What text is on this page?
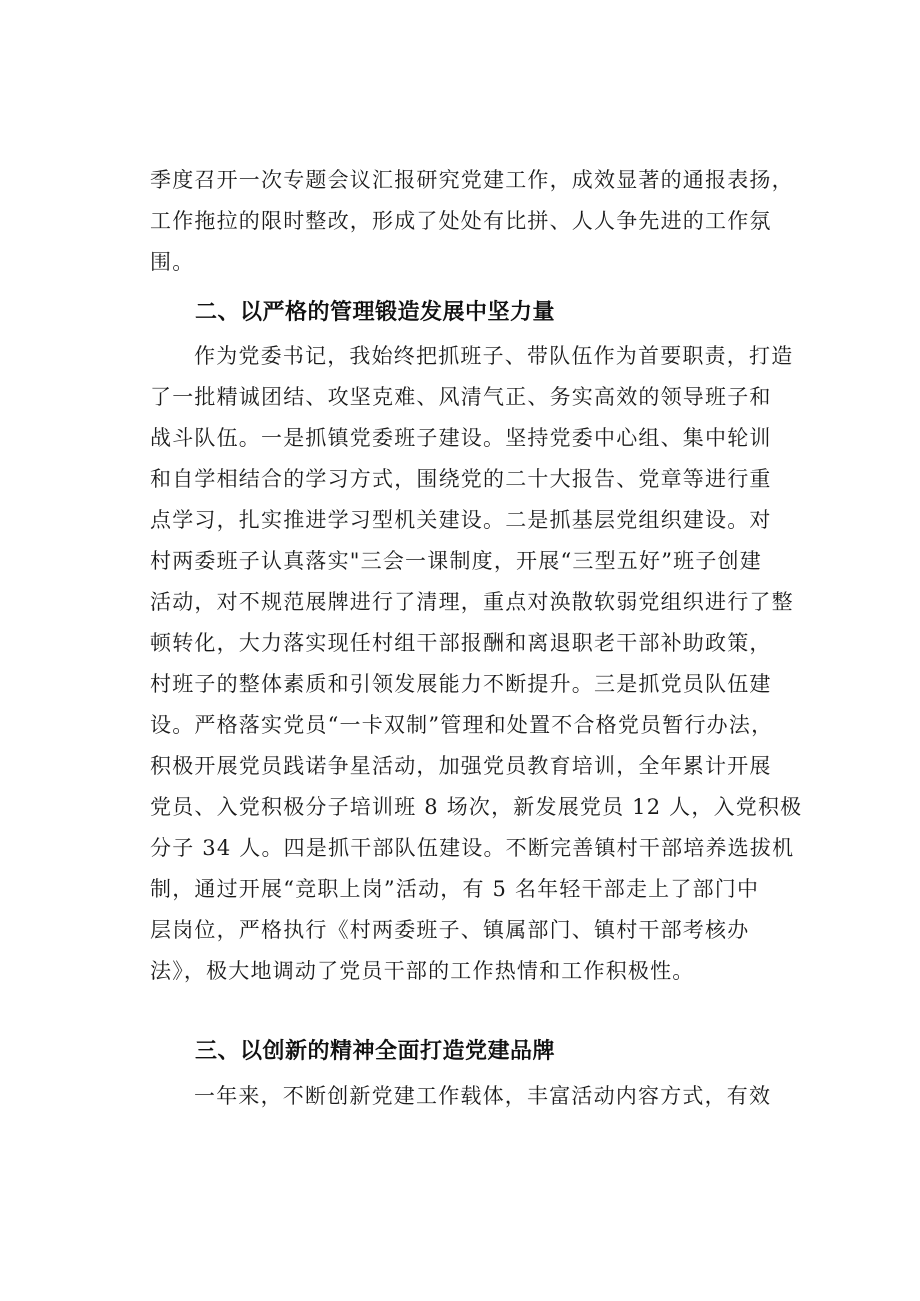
季度召开一次专题会议汇报研究党建工作，成效显著的通报表扬，
工作拖拉的限时整改，形成了处处有比拼、人人争先进的工作氛
围。
二、以严格的管理锻造发展中坚力量
作为党委书记，我始终把抓班子、带队伍作为首要职责，打造
了一批精诚团结、攻坚克难、风清气正、务实高效的领导班子和
战斗队伍。一是抓镇党委班子建设。坚持党委中心组、集中轮训
和自学相结合的学习方式，围绕党的二十大报告、党章等进行重
点学习，扎实推进学习型机关建设。二是抓基层党组织建设。对
村两委班子认真落实"三会一课制度，开展“三型五好”班子创建
活动，对不规范展牌进行了清理，重点对涣散软弱党组织进行了整
顿转化，大力落实现任村组干部报酬和离退职老干部补助政策，
村班子的整体素质和引领发展能力不断提升。三是抓党员队伍建
设。严格落实党员“一卡双制”管理和处置不合格党员暂行办法，
积极开展党员践诺争星活动，加强党员教育培训，全年累计开展
党员、入党积极分子培训班 8 场次，新发展党员 12 人，入党积极
分子 34 人。四是抓干部队伍建设。不断完善镇村干部培养选拔机
制，通过开展“竞职上岗”活动，有 5 名年轻干部走上了部门中
层岗位，严格执行《村两委班子、镇属部门、镇村干部考核办
法》，极大地调动了党员干部的工作热情和工作积极性。
三、以创新的精神全面打造党建品牌
一年来，不断创新党建工作载体，丰富活动内容方式，有效
